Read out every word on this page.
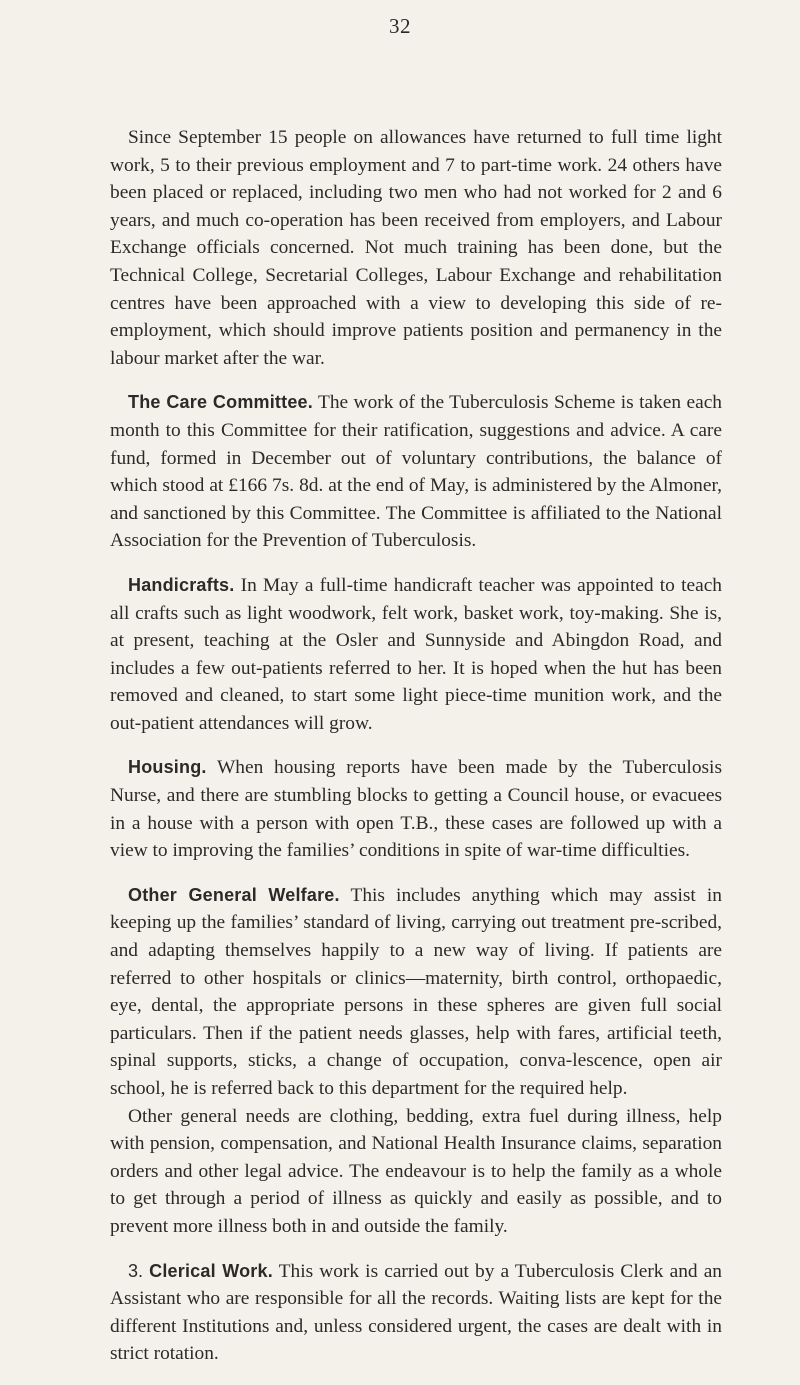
32

Since September 15 people on allowances have returned to full time light work, 5 to their previous employment and 7 to part-time work. 24 others have been placed or replaced, including two men who had not worked for 2 and 6 years, and much co-operation has been received from employers, and Labour Exchange officials concerned. Not much training has been done, but the Technical College, Secretarial Colleges, Labour Exchange and rehabilitation centres have been approached with a view to developing this side of re-employment, which should improve patients position and permanency in the labour market after the war.

The Care Committee. The work of the Tuberculosis Scheme is taken each month to this Committee for their ratification, suggestions and advice. A care fund, formed in December out of voluntary contributions, the balance of which stood at £166 7s. 8d. at the end of May, is administered by the Almoner, and sanctioned by this Committee. The Committee is affiliated to the National Association for the Prevention of Tuberculosis.

Handicrafts. In May a full-time handicraft teacher was appointed to teach all crafts such as light woodwork, felt work, basket work, toy-making. She is, at present, teaching at the Osler and Sunnyside and Abingdon Road, and includes a few out-patients referred to her. It is hoped when the hut has been removed and cleaned, to start some light piece-time munition work, and the out-patient attendances will grow.

Housing. When housing reports have been made by the Tuberculosis Nurse, and there are stumbling blocks to getting a Council house, or evacuees in a house with a person with open T.B., these cases are followed up with a view to improving the families’ conditions in spite of war-time difficulties.

Other General Welfare. This includes anything which may assist in keeping up the families’ standard of living, carrying out treatment pre-scribed, and adapting themselves happily to a new way of living. If patients are referred to other hospitals or clinics—maternity, birth control, orthopaedic, eye, dental, the appropriate persons in these spheres are given full social particulars. Then if the patient needs glasses, help with fares, artificial teeth, spinal supports, sticks, a change of occupation, conva-lescence, open air school, he is referred back to this department for the required help.

Other general needs are clothing, bedding, extra fuel during illness, help with pension, compensation, and National Health Insurance claims, separation orders and other legal advice. The endeavour is to help the family as a whole to get through a period of illness as quickly and easily as possible, and to prevent more illness both in and outside the family.

3. Clerical Work. This work is carried out by a Tuberculosis Clerk and an Assistant who are responsible for all the records. Waiting lists are kept for the different Institutions and, unless considered urgent, the cases are dealt with in strict rotation.
